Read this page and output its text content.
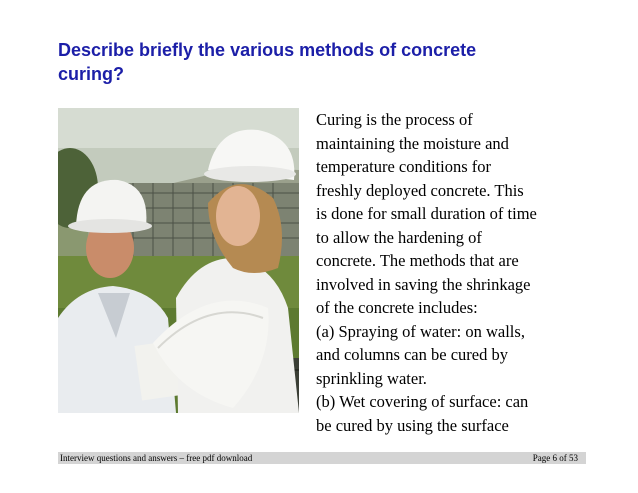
Describe briefly the various methods of concrete
curing?

Curing is the process of
maintaining the moisture and
temperature conditions for
freshly deployed concrete. This
is done for small duration of time
to allow the hardening of
concrete. The methods that are
involved in saving the shrinkage
of the concrete includes:
(a) Spraying of water: on walls,
and columns can be cured by
sprinkling water.
(b) Wet covering of surface: can
be cured by using the surface

Interview questions and answers – free pdf download	Page 6 of 53
